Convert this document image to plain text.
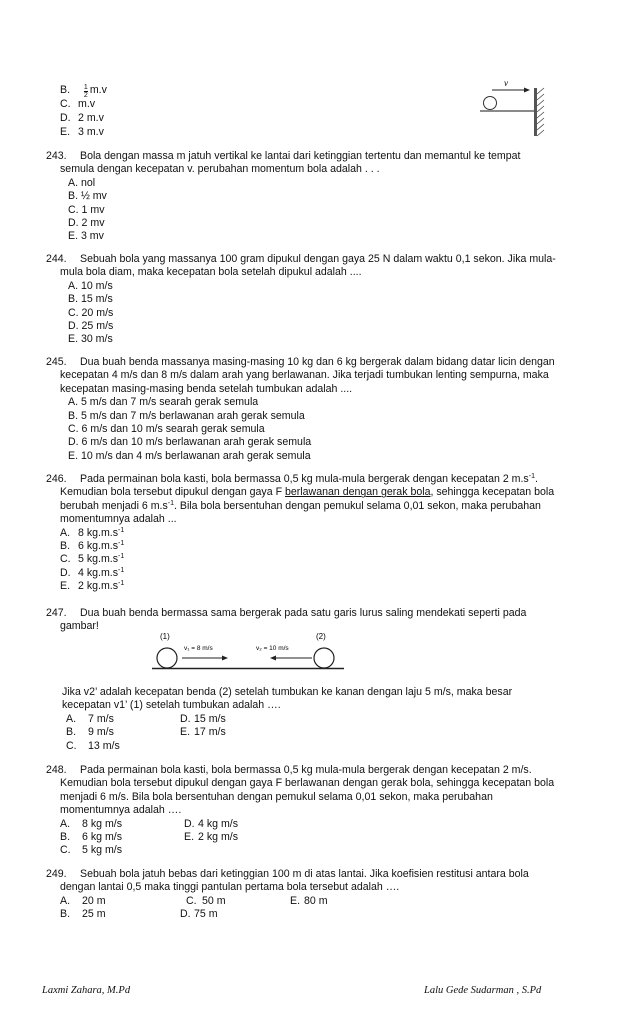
B. $\frac{1}{2} m.v$
C. m.v
D. 2 m.v
E. 3 m.v
v
243. Bola dengan massa m jatuh vertikal ke lantai dari ketinggian tertentu dan memantul ke tempat
semula dengan kecepatan v. perubahan momentum bola adalah . . .
A. nol
B. ½ mv
C. 1 mv
D. 2 mv
E. 3 mv
244. Sebuah bola yang massanya 100 gram dipukul dengan gaya 25 N dalam waktu 0,1 sekon. Jika mula-
mula bola diam, maka kecepatan bola setelah dipukul adalah ....
A. 10 m/s
B. 15 m/s
C. 20 m/s
D. 25 m/s
E. 30 m/s
245. Dua buah benda massanya masing-masing 10 kg dan 6 kg bergerak dalam bidang datar licin dengan
kecepatan 4 m/s dan 8 m/s dalam arah yang berlawanan. Jika terjadi tumbukan lenting sempurna, maka
kecepatan masing-masing benda setelah tumbukan adalah ....
A. 5 m/s dan 7 m/s searah gerak semula
B. 5 m/s dan 7 m/s berlawanan arah gerak semula
C. 6 m/s dan 10 m/s searah gerak semula
D. 6 m/s dan 10 m/s berlawanan arah gerak semula
E. 10 m/s dan 4 m/s berlawanan arah gerak semula
246. Pada permainan bola kasti, bola bermassa 0,5 kg mula-mula bergerak dengan kecepatan 2 $m.s^{-1}$.
Kemudian bola tersebut dipukul dengan gaya F berlawanan dengan gerak bola, sehingga kecepatan bola
berubah menjadi 6 $m.s^{-1}$. Bila bola bersentuhan dengan pemukul selama 0,01 sekon, maka perubahan
momentumnya adalah ...
A. 8 $kg.m.s^{-1}$
B. 6 $kg.m.s^{-1}$
C. 5 $kg.m.s^{-1}$
D. 4 $kg.m.s^{-1}$
E. 2 $kg.m.s^{-1}$
247. Dua buah benda bermassa sama bergerak pada satu garis lurus saling mendekati seperti pada
gambar!
(1)	(2)
v₁ = 8 m/s	v₂ = 10 m/s
Jika v2’ adalah kecepatan benda (2) setelah tumbukan ke kanan dengan laju 5 m/s, maka besar
kecepatan v1’ (1) setelah tumbukan adalah ….
A. 7 m/s	D. 15 m/s
B. 9 m/s	E. 17 m/s
C. 13 m/s
248. Pada permainan bola kasti, bola bermassa 0,5 kg mula-mula bergerak dengan kecepatan 2 m/s.
Kemudian bola tersebut dipukul dengan gaya F berlawanan dengan gerak bola, sehingga kecepatan bola
menjadi 6 m/s. Bila bola bersentuhan dengan pemukul selama 0,01 sekon, maka perubahan
momentumnya adalah ….
A. 8 kg m/s	D. 4 kg m/s
B. 6 kg m/s	E. 2 kg m/s
C. 5 kg m/s
249. Sebuah bola jatuh bebas dari ketinggian 100 m di atas lantai. Jika koefisien restitusi antara bola
dengan lantai 0,5 maka tinggi pantulan pertama bola tersebut adalah ….
A. 20 m	C. 50 m	E. 80 m
B. 25 m	D. 75 m
Laxmi Zahara, M.Pd	Lalu Gede Sudarman , S.Pd
